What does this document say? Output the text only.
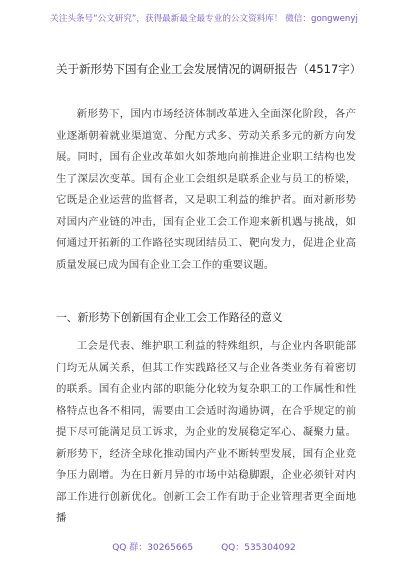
关注头条号“公文研究”，获得最新最全最专业的公文资料库！ 微信：gongwenyj
关于新形势下国有企业工会发展情况的调研报告（4517字）

新形势下，国内市场经济体制改革进入全面深化阶段，各产业逐渐朝着就业渠道宽、分配方式多、劳动关系多元的新方向发展。同时，国有企业改革如火如荼地向前推进企业职工结构也发生了深层次变革。国有企业工会组织是联系企业与员工的桥梁，它既是企业运营的监督者，又是职工利益的维护者。面对新形势对国内产业链的冲击，国有企业工会工作迎来新机遇与挑战，如何通过开拓新的工作路径实现团结员工、靶向发力，促进企业高质量发展已成为国有企业工会工作的重要议题。

一、新形势下创新国有企业工会工作路径的意义

工会是代表、维护职工利益的特殊组织，与企业内各职能部门均无从属关系，但其工作实践路径又与企业各类业务有着密切的联系。国有企业内部的职能分化较为复杂职工的工作属性和性格特点也各不相同，需要由工会适时沟通协调，在合乎规定的前提下尽可能满足员工诉求，为企业的发展稳定军心、凝聚力量。新形势下，经济全球化推动国内产业不断转型发展，国有企业竞争压力剧增。为在日新月异的市场中站稳脚跟，企业必须针对内部工作进行创新优化。创新工会工作有助于企业管理者更全面地播

QQ 群：30265665	QQ：535304092
